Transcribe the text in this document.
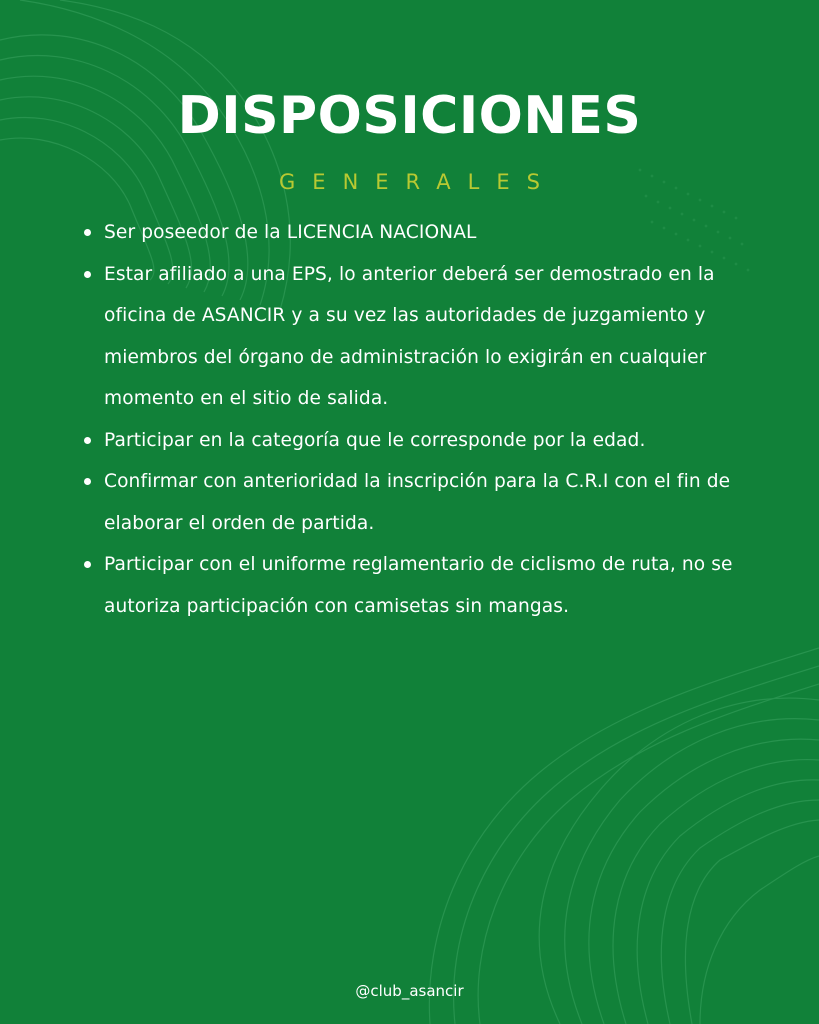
DISPOSICIONES
GENERALES
Ser poseedor de la LICENCIA NACIONAL
Estar afiliado a una EPS, lo anterior deberá ser demostrado en la oficina de ASANCIR y a su vez las autoridades de juzgamiento y miembros del órgano de administración lo exigirán en cualquier momento en el sitio de salida.
Participar en la categoría que le corresponde por la edad.
Confirmar con anterioridad la inscripción para la C.R.I con el fin de elaborar el orden de partida.
Participar con el uniforme reglamentario de ciclismo de ruta, no se autoriza participación con camisetas sin mangas.
@club_asancir
